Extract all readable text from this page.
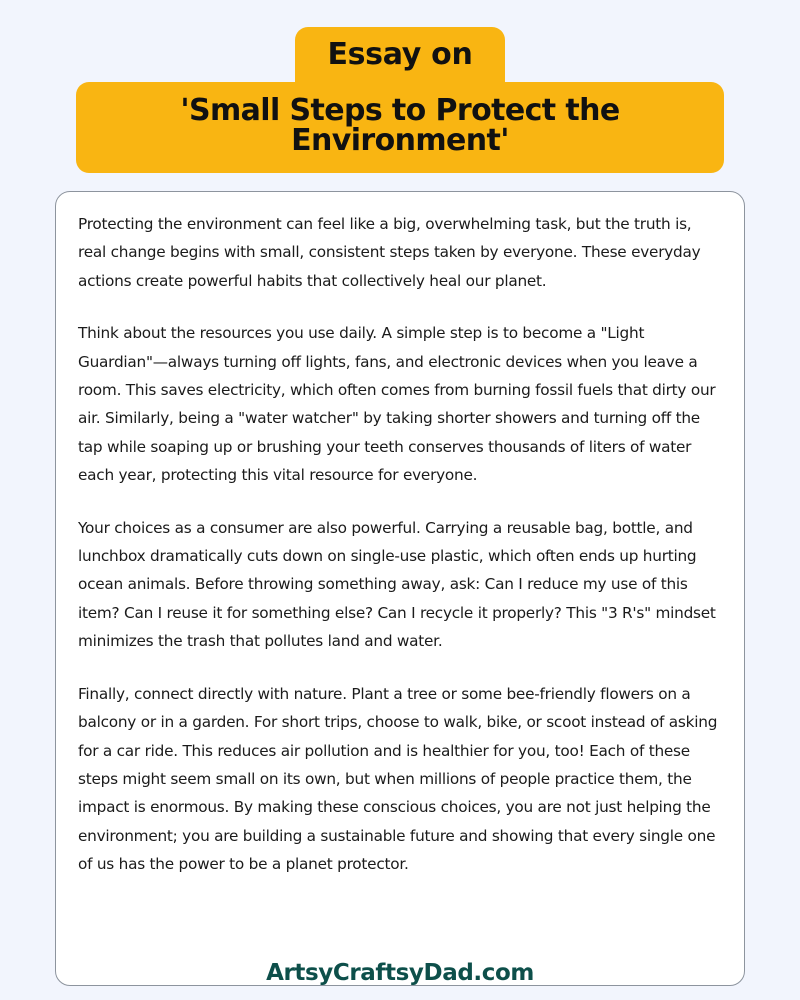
Essay on
'Small Steps to Protect the Environment'

Protecting the environment can feel like a big, overwhelming task, but the truth is, real change begins with small, consistent steps taken by everyone. These everyday actions create powerful habits that collectively heal our planet.

Think about the resources you use daily. A simple step is to become a "Light Guardian"—always turning off lights, fans, and electronic devices when you leave a room. This saves electricity, which often comes from burning fossil fuels that dirty our air. Similarly, being a "water watcher" by taking shorter showers and turning off the tap while soaping up or brushing your teeth conserves thousands of liters of water each year, protecting this vital resource for everyone.

Your choices as a consumer are also powerful. Carrying a reusable bag, bottle, and lunchbox dramatically cuts down on single-use plastic, which often ends up hurting ocean animals. Before throwing something away, ask: Can I reduce my use of this item? Can I reuse it for something else? Can I recycle it properly? This "3 R's" mindset minimizes the trash that pollutes land and water.

Finally, connect directly with nature. Plant a tree or some bee-friendly flowers on a balcony or in a garden. For short trips, choose to walk, bike, or scoot instead of asking for a car ride. This reduces air pollution and is healthier for you, too! Each of these steps might seem small on its own, but when millions of people practice them, the impact is enormous. By making these conscious choices, you are not just helping the environment; you are building a sustainable future and showing that every single one of us has the power to be a planet protector.

ArtsyCraftsyDad.com
